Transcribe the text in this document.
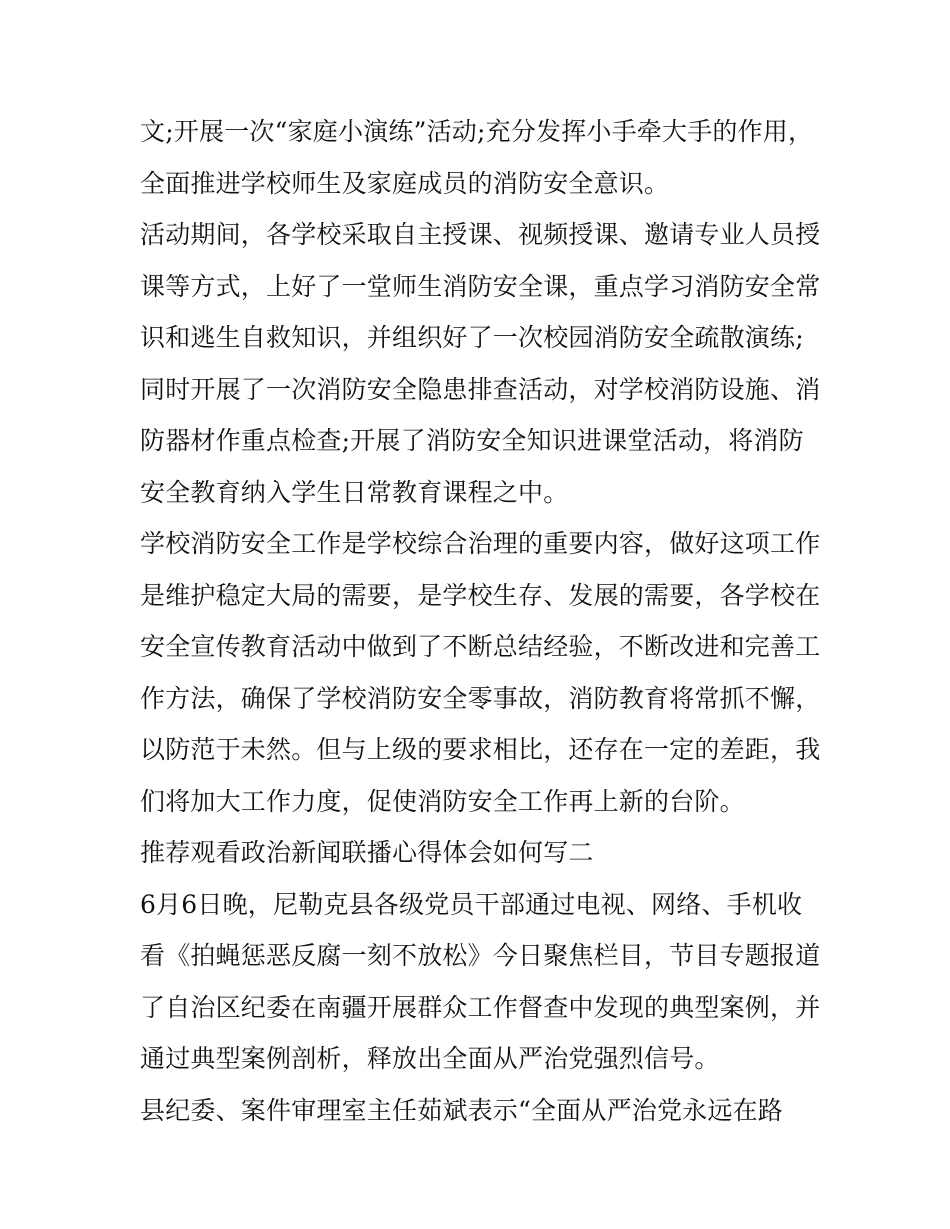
文;开展一次“家庭小演练”活动;充分发挥小手牵大手的作用，
全面推进学校师生及家庭成员的消防安全意识。
活动期间，各学校采取自主授课、视频授课、邀请专业人员授
课等方式，上好了一堂师生消防安全课，重点学习消防安全常
识和逃生自救知识，并组织好了一次校园消防安全疏散演练;
同时开展了一次消防安全隐患排查活动，对学校消防设施、消
防器材作重点检查;开展了消防安全知识进课堂活动，将消防
安全教育纳入学生日常教育课程之中。
学校消防安全工作是学校综合治理的重要内容，做好这项工作
是维护稳定大局的需要，是学校生存、发展的需要，各学校在
安全宣传教育活动中做到了不断总结经验，不断改进和完善工
作方法，确保了学校消防安全零事故，消防教育将常抓不懈，
以防范于未然。但与上级的要求相比，还存在一定的差距，我
们将加大工作力度，促使消防安全工作再上新的台阶。
推荐观看政治新闻联播心得体会如何写二
6月6日晚，尼勒克县各级党员干部通过电视、网络、手机收
看《拍蝇惩恶反腐一刻不放松》今日聚焦栏目，节目专题报道
了自治区纪委在南疆开展群众工作督查中发现的典型案例，并
通过典型案例剖析，释放出全面从严治党强烈信号。
县纪委、案件审理室主任茹斌表示“全面从严治党永远在路
